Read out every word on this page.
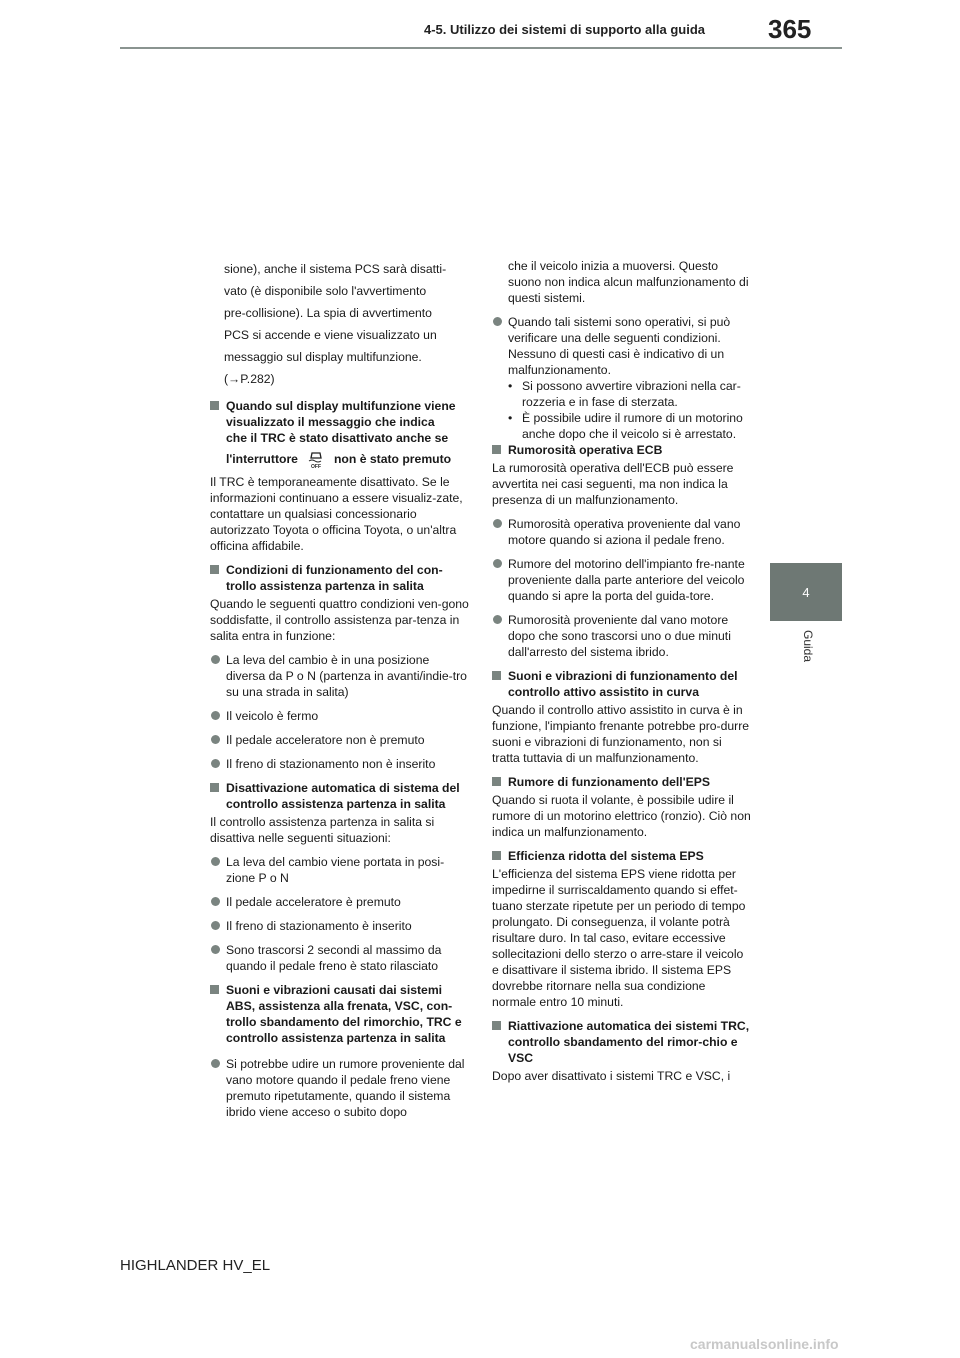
4-5. Utilizzo dei sistemi di supporto alla guida 365
4
Guida
sione), anche il sistema PCS sarà disatti-
vato (è disponibile solo l'avvertimento
pre-collisione). La spia di avvertimento
PCS si accende e viene visualizzato un
messaggio sul display multifunzione.
(→P.282)
Quando sul display multifunzione viene
visualizzato il messaggio che indica
che il TRC è stato disattivato anche se
l'interruttore
OFF
non è stato premuto
Il TRC è temporaneamente disattivato. Se le informazioni continuano a essere visualiz-zate, contattare un qualsiasi concessionario autorizzato Toyota o officina Toyota, o un'altra officina affidabile.
Condizioni di funzionamento del con-trollo assistenza partenza in salita
Quando le seguenti quattro condizioni ven-gono soddisfatte, il controllo assistenza par-tenza in salita entra in funzione:
La leva del cambio è in una posizione diversa da P o N (partenza in avanti/indie-tro su una strada in salita)
Il veicolo è fermo
Il pedale acceleratore non è premuto
Il freno di stazionamento non è inserito
Disattivazione automatica di sistema del controllo assistenza partenza in salita
Il controllo assistenza partenza in salita si disattiva nelle seguenti situazioni:
La leva del cambio viene portata in posi-zione P o N
Il pedale acceleratore è premuto
Il freno di stazionamento è inserito
Sono trascorsi 2 secondi al massimo da quando il pedale freno è stato rilasciato
Suoni e vibrazioni causati dai sistemi ABS, assistenza alla frenata, VSC, con-trollo sbandamento del rimorchio, TRC e controllo assistenza partenza in salita
Si potrebbe udire un rumore proveniente dal vano motore quando il pedale freno viene premuto ripetutamente, quando il sistema ibrido viene acceso o subito dopo
che il veicolo inizia a muoversi. Questo suono non indica alcun malfunzionamento di questi sistemi.
Quando tali sistemi sono operativi, si può verificare una delle seguenti condizioni. Nessuno di questi casi è indicativo di un malfunzionamento.
• Si possono avvertire vibrazioni nella car-rozzeria e in fase di sterzata.
• È possibile udire il rumore di un motorino anche dopo che il veicolo si è arrestato.
Rumorosità operativa ECB
La rumorosità operativa dell'ECB può essere avvertita nei casi seguenti, ma non indica la presenza di un malfunzionamento.
Rumorosità operativa proveniente dal vano motore quando si aziona il pedale freno.
Rumore del motorino dell'impianto fre-nante proveniente dalla parte anteriore del veicolo quando si apre la porta del guida-tore.
Rumorosità proveniente dal vano motore dopo che sono trascorsi uno o due minuti dall'arresto del sistema ibrido.
Suoni e vibrazioni di funzionamento del controllo attivo assistito in curva
Quando il controllo attivo assistito in curva è in funzione, l'impianto frenante potrebbe pro-durre suoni e vibrazioni di funzionamento, non si tratta tuttavia di un malfunzionamento.
Rumore di funzionamento dell'EPS
Quando si ruota il volante, è possibile udire il rumore di un motorino elettrico (ronzio). Ciò non indica un malfunzionamento.
Efficienza ridotta del sistema EPS
L'efficienza del sistema EPS viene ridotta per impedirne il surriscaldamento quando si effet-tuano sterzate ripetute per un periodo di tempo prolungato. Di conseguenza, il volante potrà risultare duro. In tal caso, evitare eccessive sollecitazioni dello sterzo o arre-stare il veicolo e disattivare il sistema ibrido. Il sistema EPS dovrebbe ritornare nella sua condizione normale entro 10 minuti.
Riattivazione automatica dei sistemi TRC, controllo sbandamento del rimor-chio e VSC
Dopo aver disattivato i sistemi TRC e VSC, i
HIGHLANDER HV_EL
carmanualsonline.info
